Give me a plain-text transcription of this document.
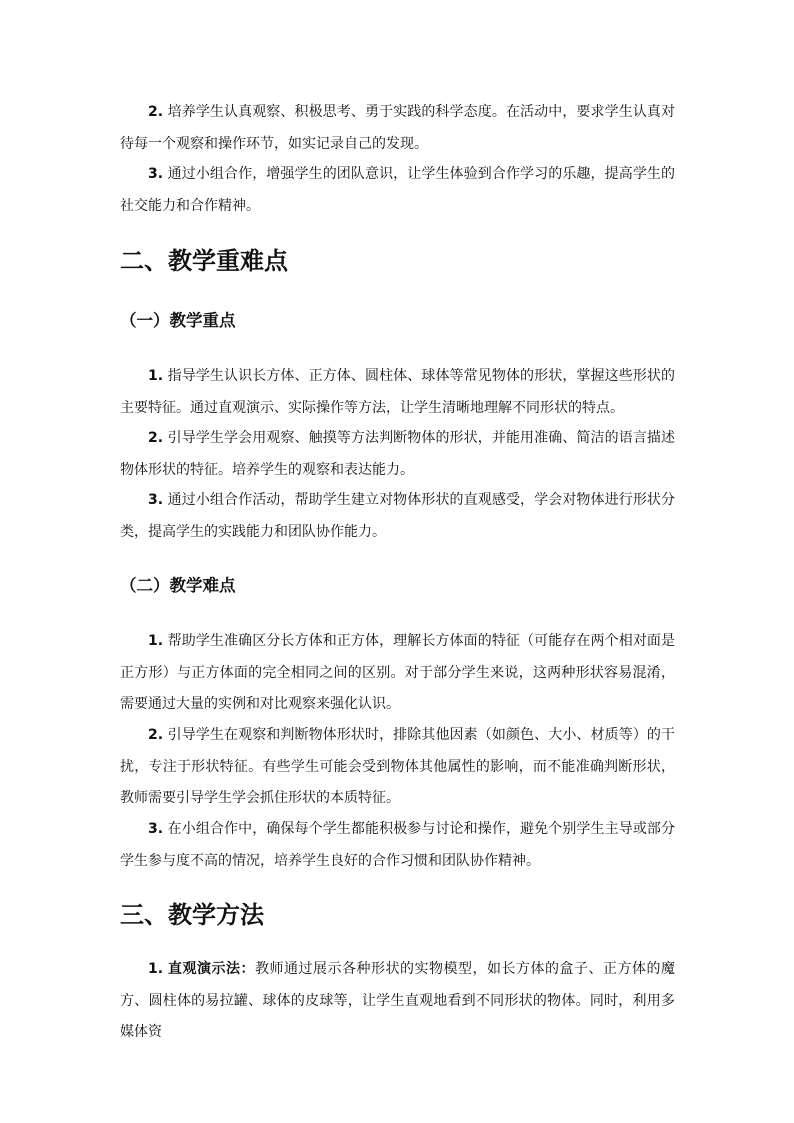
2. 培养学生认真观察、积极思考、勇于实践的科学态度。在活动中，要求学生认真对待每一个观察和操作环节，如实记录自己的发现。

3. 通过小组合作，增强学生的团队意识，让学生体验到合作学习的乐趣，提高学生的社交能力和合作精神。

二、教学重难点
（一）教学重点

1. 指导学生认识长方体、正方体、圆柱体、球体等常见物体的形状，掌握这些形状的主要特征。通过直观演示、实际操作等方法，让学生清晰地理解不同形状的特点。

2. 引导学生学会用观察、触摸等方法判断物体的形状，并能用准确、简洁的语言描述物体形状的特征。培养学生的观察和表达能力。

3. 通过小组合作活动，帮助学生建立对物体形状的直观感受，学会对物体进行形状分类，提高学生的实践能力和团队协作能力。

（二）教学难点

1. 帮助学生准确区分长方体和正方体，理解长方体面的特征（可能存在两个相对面是正方形）与正方体面的完全相同之间的区别。对于部分学生来说，这两种形状容易混淆，需要通过大量的实例和对比观察来强化认识。

2. 引导学生在观察和判断物体形状时，排除其他因素（如颜色、大小、材质等）的干扰，专注于形状特征。有些学生可能会受到物体其他属性的影响，而不能准确判断形状，教师需要引导学生学会抓住形状的本质特征。

3. 在小组合作中，确保每个学生都能积极参与讨论和操作，避免个别学生主导或部分学生参与度不高的情况，培养学生良好的合作习惯和团队协作精神。

三、教学方法

1. 直观演示法：教师通过展示各种形状的实物模型，如长方体的盒子、正方体的魔方、圆柱体的易拉罐、球体的皮球等，让学生直观地看到不同形状的物体。同时，利用多媒体资
